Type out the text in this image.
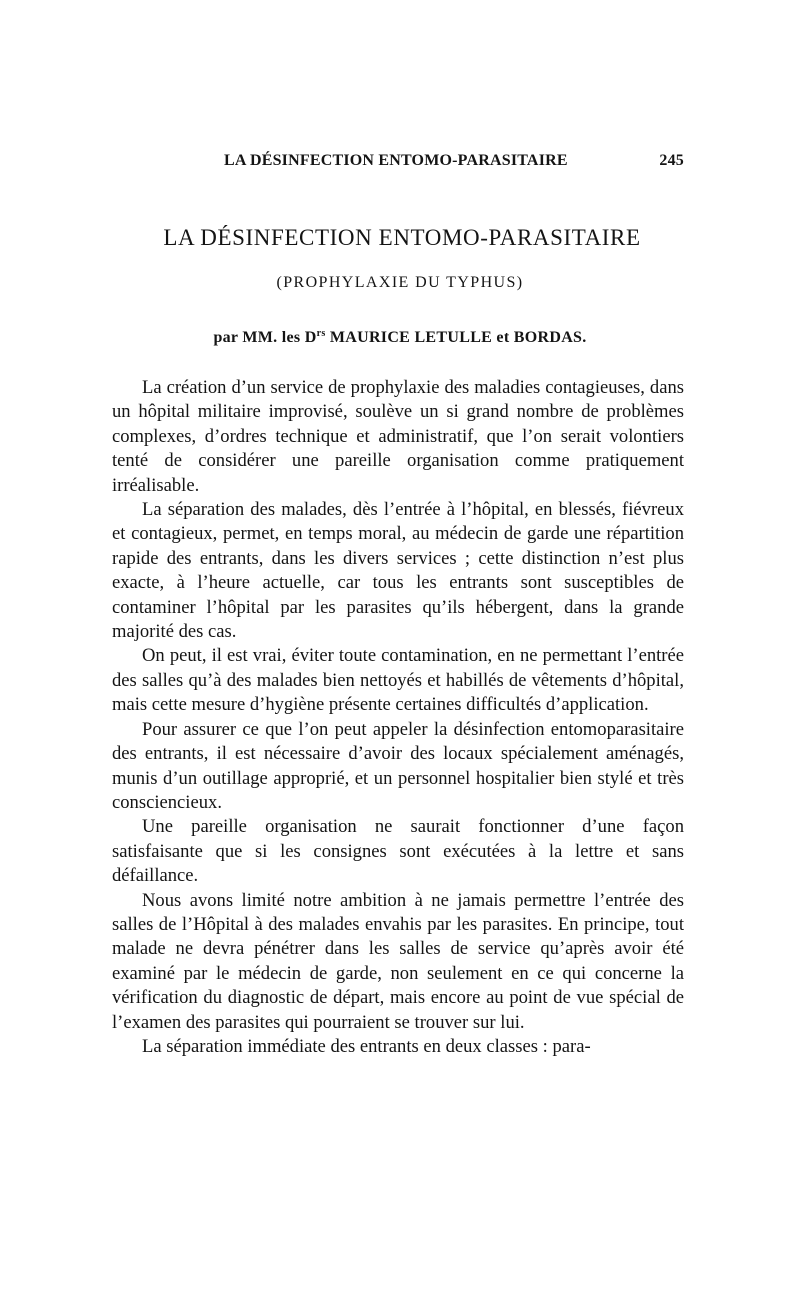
LA DÉSINFECTION ENTOMO-PARASITAIRE	245
LA DÉSINFECTION ENTOMO-PARASITAIRE
(PROPHYLAXIE DU TYPHUS)
par MM. les $D^{rs}$ MAURICE LETULLE et BORDAS.

La création d’un service de prophylaxie des maladies contagieuses, dans un hôpital militaire improvisé, soulève un si grand nombre de problèmes complexes, d’ordres technique et administratif, que l’on serait volontiers tenté de considérer une pareille organisation comme pratiquement irréalisable.

La séparation des malades, dès l’entrée à l’hôpital, en blessés, fiévreux et contagieux, permet, en temps moral, au médecin de garde une répartition rapide des entrants, dans les divers services ; cette distinction n’est plus exacte, à l’heure actuelle, car tous les entrants sont susceptibles de contaminer l’hôpital par les parasites qu’ils hébergent, dans la grande majorité des cas.

On peut, il est vrai, éviter toute contamination, en ne permettant l’entrée des salles qu’à des malades bien nettoyés et habillés de vêtements d’hôpital, mais cette mesure d’hygiène présente certaines difficultés d’application.

Pour assurer ce que l’on peut appeler la désinfection entomoparasitaire des entrants, il est nécessaire d’avoir des locaux spécialement aménagés, munis d’un outillage approprié, et un personnel hospitalier bien stylé et très consciencieux.

Une pareille organisation ne saurait fonctionner d’une façon satisfaisante que si les consignes sont exécutées à la lettre et sans défaillance.

Nous avons limité notre ambition à ne jamais permettre l’entrée des salles de l’Hôpital à des malades envahis par les parasites. En principe, tout malade ne devra pénétrer dans les salles de service qu’après avoir été examiné par le médecin de garde, non seulement en ce qui concerne la vérification du diagnostic de départ, mais encore au point de vue spécial de l’examen des parasites qui pourraient se trouver sur lui.

La séparation immédiate des entrants en deux classes : para-
